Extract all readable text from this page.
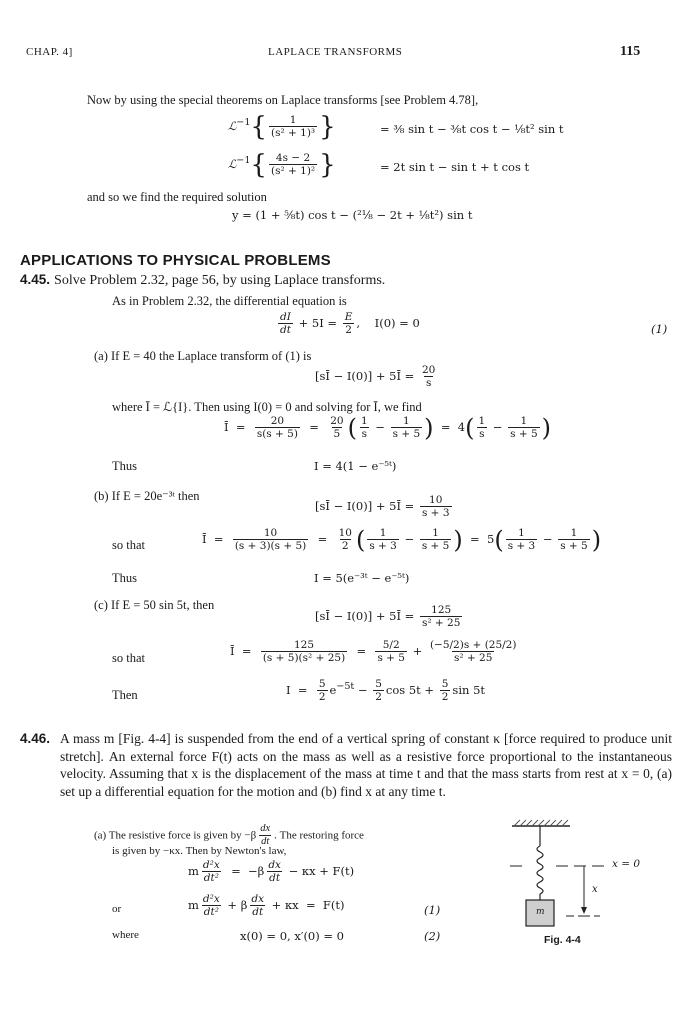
CHAP. 4]	LAPLACE TRANSFORMS	115
Now by using the special theorems on Laplace transforms [see Problem 4.78],
ℒ$^{-1}${ $\frac{1}{\text{(s² + 1)³}}$ }	= ⅜ sin t − ⅜t cos t − ⅛t² sin t
ℒ$^{-1}${ $\frac{4s - 2}{\text{(s² + 1)²}}$ }	= 2t sin t − sin t + t cos t
and so we find the required solution
y = (1 + ⅝t) cos t − (²¹⁄₈ − 2t + ⅛t²) sin t
APPLICATIONS TO PHYSICAL PROBLEMS
4.45. Solve Problem 2.32, page 56, by using Laplace transforms.
As in Problem 2.32, the differential equation is
$\frac{dI}{dt} + 5I = \frac{E}{2}$ ,    I(0) = 0	(1)
(a) If E = 40 the Laplace transform of (1) is
[sĪ − I(0)] + 5Ī = $\frac{20}{s}$
where Ī = ℒ{I}. Then using I(0) = 0 and solving for Ī, we find
Ī  = $\frac{20}{s(s + 5)} = \frac{20}{5}$ ( $\frac{1}{s} - \frac{1}{s + 5}$ )  =  $4( \frac{1}{s} - \frac{1}{s + 5}$ )
Thus	I = 4(1 − e⁻⁵ᵗ)
(b) If E = 20e⁻³ᵗ then
[sĪ − I(0)] + 5Ī = $\frac{10}{s + 3}$
so that	Ī  = $\frac{10}{(s + 3)(s + 5)} = \frac{10}{2}$ ( $\frac{1}{s + 3} - \frac{1}{s + 5}$ )  =  $5( \frac{1}{s + 3} - \frac{1}{s + 5}$ )
Thus	I = 5(e⁻³ᵗ − e⁻⁵ᵗ)
(c) If E = 50 sin 5t, then
[sĪ − I(0)] + 5Ī = $\frac{125}{\text{s² + 25}}$
so that
Ī  = $\frac{125}{\text{(s + 5)(s² + 25)}} = \frac{5/2}{s + 5} + \frac{(-5/2)s + (25/2)}{\text{s² + 25}}$
Then	$I = \frac{5}{2} e^{-5t} - \frac{5}{2}$ $\cos 5t + \frac{5}{2}$ sin 5t
4.46. A mass m [Fig. 4-4] is suspended from the end of a vertical spring of constant κ [force required to produce unit stretch]. An external force F(t) acts on the mass as well as a resistive force proportional to the instantaneous velocity. Assuming that x is the displacement of the mass at time t and that the mass starts from rest at x = 0, (a) set up a differential equation for the motion and (b) find x at any time t.

(a) The resistive force is given by $-\beta \frac{dx}{dt}$ . The restoring force
is given by −κx. Then by Newton's law,
m $\frac{\text{d²x}}{\text{dt²}} = -\beta \frac{dx}{dt} - \kappa x + F(t)$
or	m $\frac{\text{d²x}}{\text{dt²}} + \beta \frac{dx}{dt} + \kappa x = F(t)$	(1)
where	x(0) = 0, x′(0) = 0	(2)
x = 0
x
m
Fig. 4-4
